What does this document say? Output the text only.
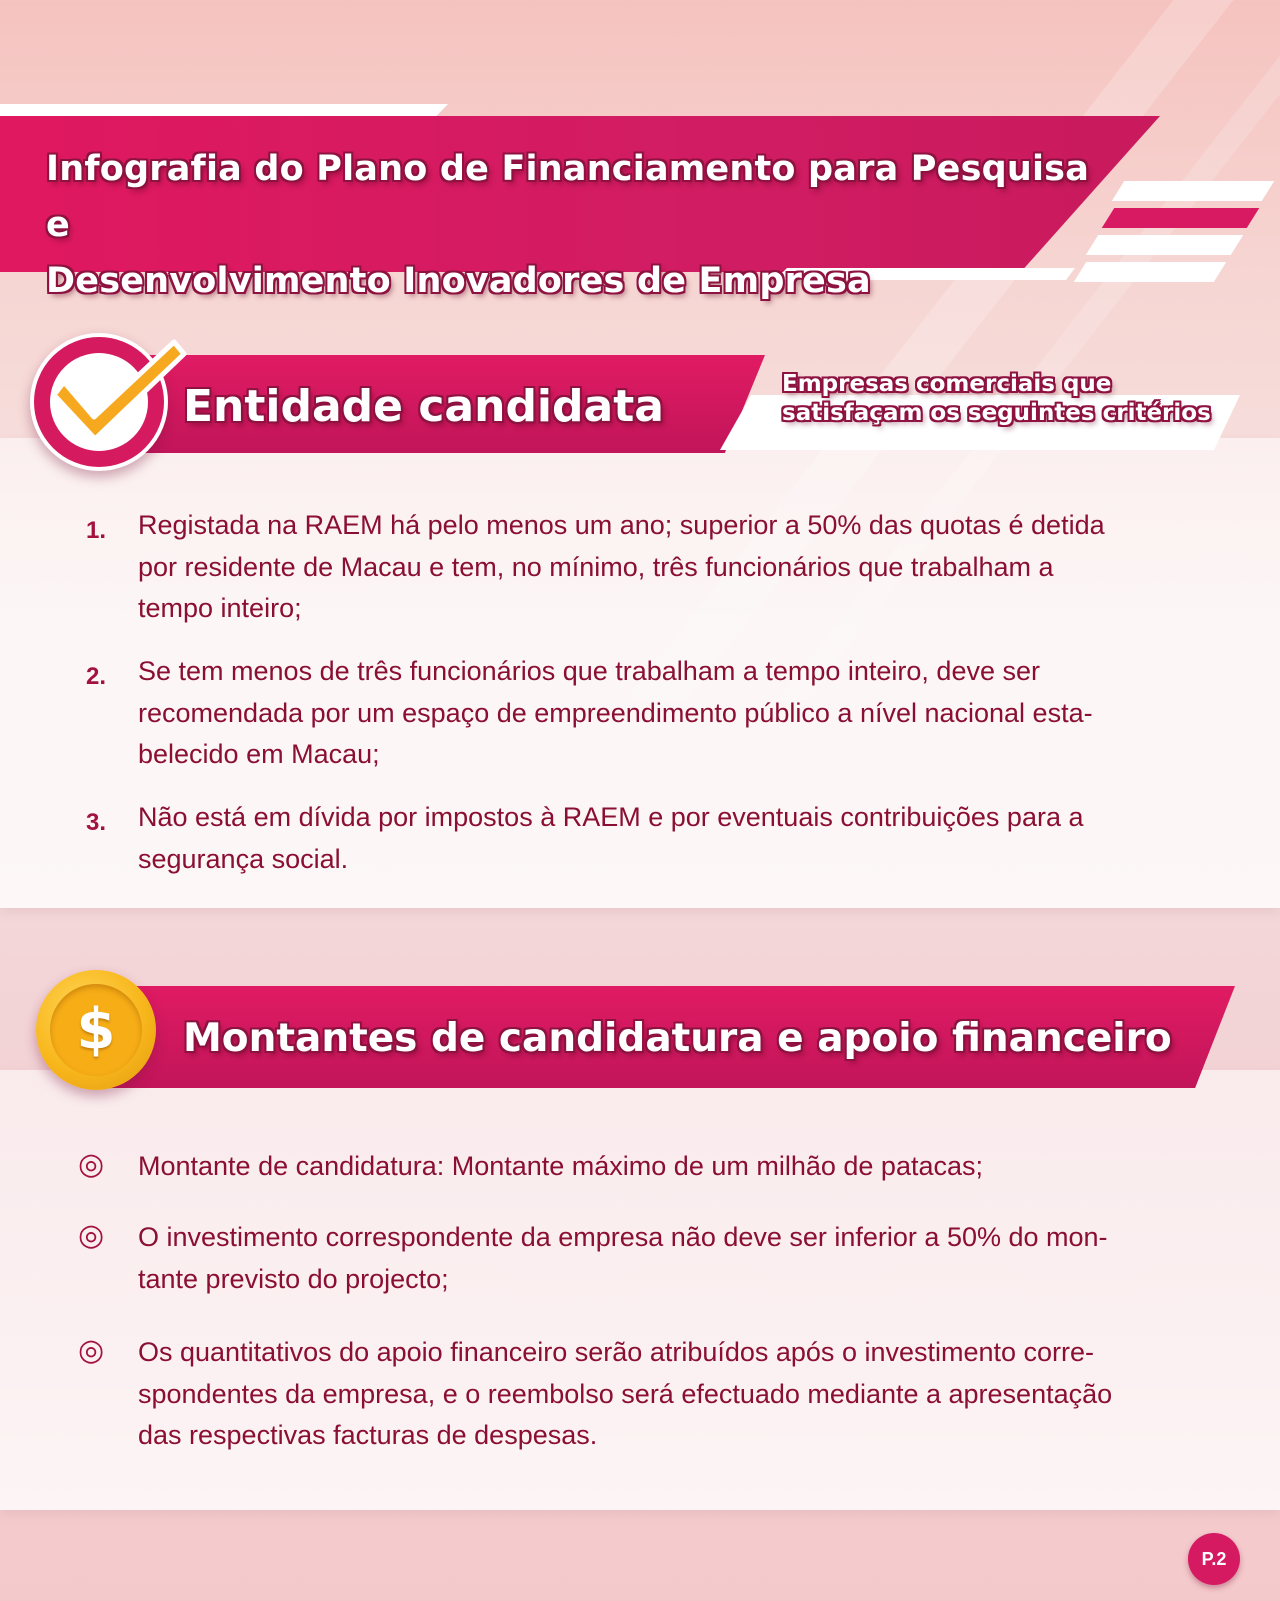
Infografia do Plano de Financiamento para Pesquisa e
Desenvolvimento Inovadores de Empresa
Entidade candidata	Empresas comerciais que
satisfaçam os seguintes critérios
1.	Registada na RAEM há pelo menos um ano; superior a 50% das quotas é detida
por residente de Macau e tem, no mínimo, três funcionários que trabalham a
tempo inteiro;
2.	Se tem menos de três funcionários que trabalham a tempo inteiro, deve ser
recomendada por um espaço de empreendimento público a nível nacional esta-
belecido em Macau;
3.	Não está em dívida por impostos à RAEM e por eventuais contribuições para a
segurança social.
$	Montantes de candidatura e apoio financeiro
◎ Montante de candidatura: Montante máximo de um milhão de patacas;
◎ O investimento correspondente da empresa não deve ser inferior a 50% do mon-
tante previsto do projecto;
◎ Os quantitativos do apoio financeiro serão atribuídos após o investimento corre-
spondentes da empresa, e o reembolso será efectuado mediante a apresentação
das respectivas facturas de despesas.
P.2
